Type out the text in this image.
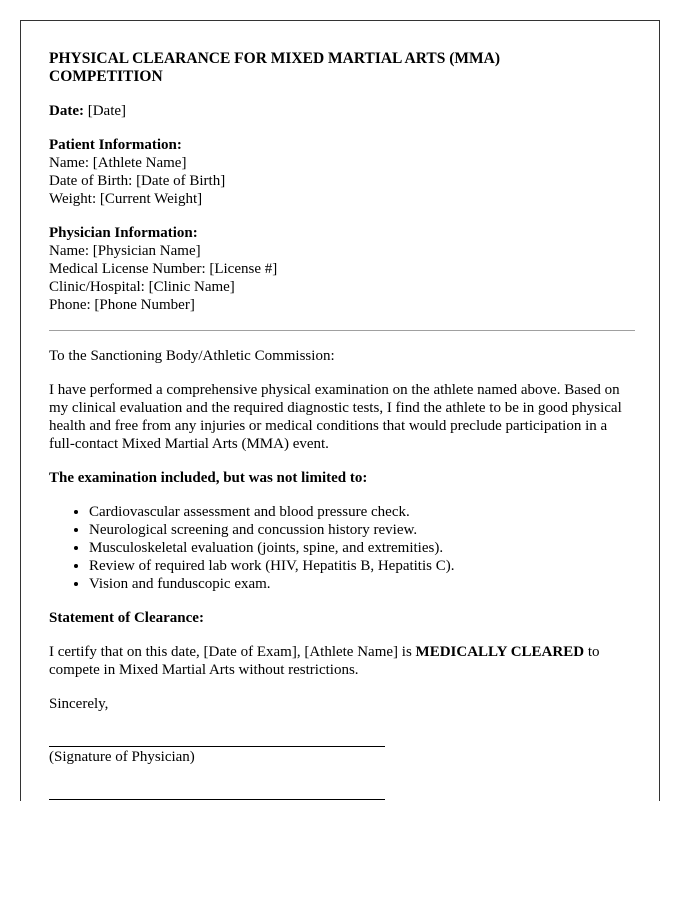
PHYSICAL CLEARANCE FOR MIXED MARTIAL ARTS (MMA) COMPETITION

Date: [Date]

Patient Information:
Name: [Athlete Name]
Date of Birth: [Date of Birth]
Weight: [Current Weight]
Physician Information:
Name: [Physician Name]
Medical License Number: [License #]
Clinic/Hospital: [Clinic Name]
Phone: [Phone Number]

To the Sanctioning Body/Athletic Commission:

I have performed a comprehensive physical examination on the athlete named above. Based on my clinical evaluation and the required diagnostic tests, I find the athlete to be in good physical health and free from any injuries or medical conditions that would preclude participation in a full-contact Mixed Martial Arts (MMA) event.

The examination included, but was not limited to:

• Cardiovascular assessment and blood pressure check.
• Neurological screening and concussion history review.
• Musculoskeletal evaluation (joints, spine, and extremities).
• Review of required lab work (HIV, Hepatitis B, Hepatitis C).
• Vision and funduscopic exam.

Statement of Clearance:

I certify that on this date, [Date of Exam], [Athlete Name] is MEDICALLY CLEARED to compete in Mixed Martial Arts without restrictions.

Sincerely,

(Signature of Physician)
